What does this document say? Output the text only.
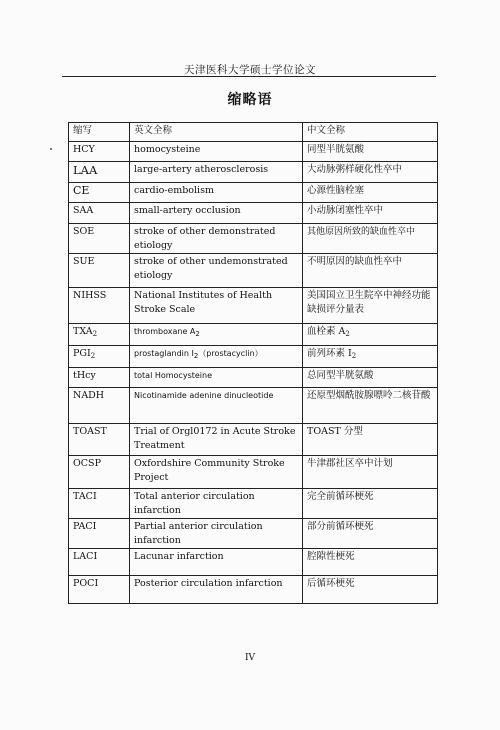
天津医科大学硕士学位论文
缩略语
缩写	英文全称	中文全称
HCY	homocysteine	同型半胱氨酸
LAA	large-artery atherosclerosis	大动脉粥样硬化性卒中
CE	cardio-embolism	心源性脑栓塞
SAA	small-artery occlusion	小动脉闭塞性卒中
SOE	stroke of other demonstrated etiology	其他原因所致的缺血性卒中
SUE	stroke of other undemonstrated etiology	不明原因的缺血性卒中
NIHSS	National Institutes of Health Stroke Scale	美国国立卫生院卒中神经功能缺损评分量表
$TXA_2$	thromboxane A2	血栓素 $A_2$
$PGI_2$	prostaglandin I2（prostacyclin）	前列环素 $I_2$
tHcy	total Homocysteine	总同型半胱氨酸
NADH	Nicotinamide adenine dinucleotide	还原型烟酰胺腺嘌呤二核苷酸
TOAST	Trial of Orgl0172 in Acute Stroke Treatment	TOAST 分型
OCSP	Oxfordshire Community Stroke Project	牛津郡社区卒中计划
TACI	Total anterior circulation infarction	完全前循环梗死
PACI	Partial anterior circulation infarction	部分前循环梗死
LACI	Lacunar infarction	腔隙性梗死
POCI	Posterior circulation infarction	后循环梗死
IV
